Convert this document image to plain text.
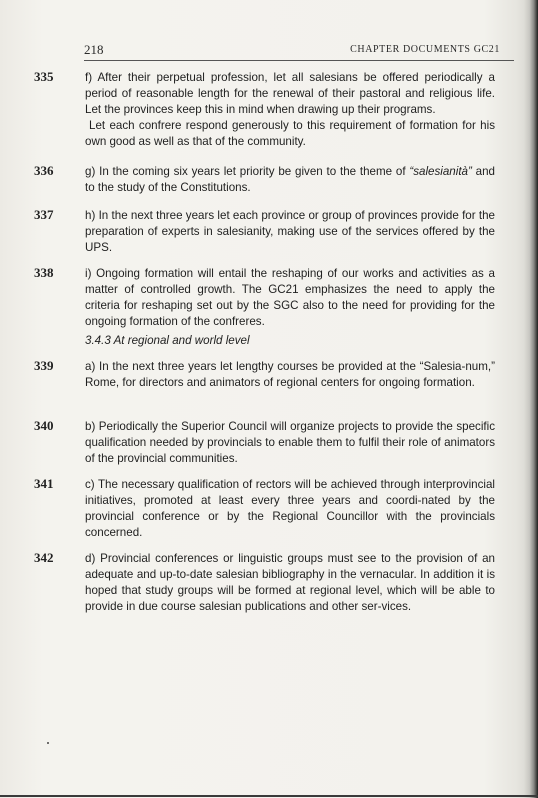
218	CHAPTER DOCUMENTS GC21
335	f) After their perpetual profession, let all salesians be offered periodically a period of reasonable length for the renewal of their pastoral and religious life. Let the provinces keep this in mind when drawing up their programs.
Let each confrere respond generously to this requirement of formation for his own good as well as that of the community.
336	g) In the coming six years let priority be given to the theme of “salesianità” and to the study of the Constitutions.
337	h) In the next three years let each province or group of provinces provide for the preparation of experts in salesianity, making use of the services offered by the UPS.
338	i) Ongoing formation will entail the reshaping of our works and activities as a matter of controlled growth. The GC21 emphasizes the need to apply the criteria for reshaping set out by the SGC also to the need for providing for the ongoing formation of the confreres.
3.4.3 At regional and world level
339	a) In the next three years let lengthy courses be provided at the “Salesia-num,” Rome, for directors and animators of regional centers for ongoing formation.
340	b) Periodically the Superior Council will organize projects to provide the specific qualification needed by provincials to enable them to fulfil their role of animators of the provincial communities.
341	c) The necessary qualification of rectors will be achieved through interprovincial initiatives, promoted at least every three years and coordi-nated by the provincial conference or by the Regional Councillor with the provincials concerned.
342	d) Provincial conferences or linguistic groups must see to the provision of an adequate and up-to-date salesian bibliography in the vernacular. In addition it is hoped that study groups will be formed at regional level, which will be able to provide in due course salesian publications and other ser-vices.
